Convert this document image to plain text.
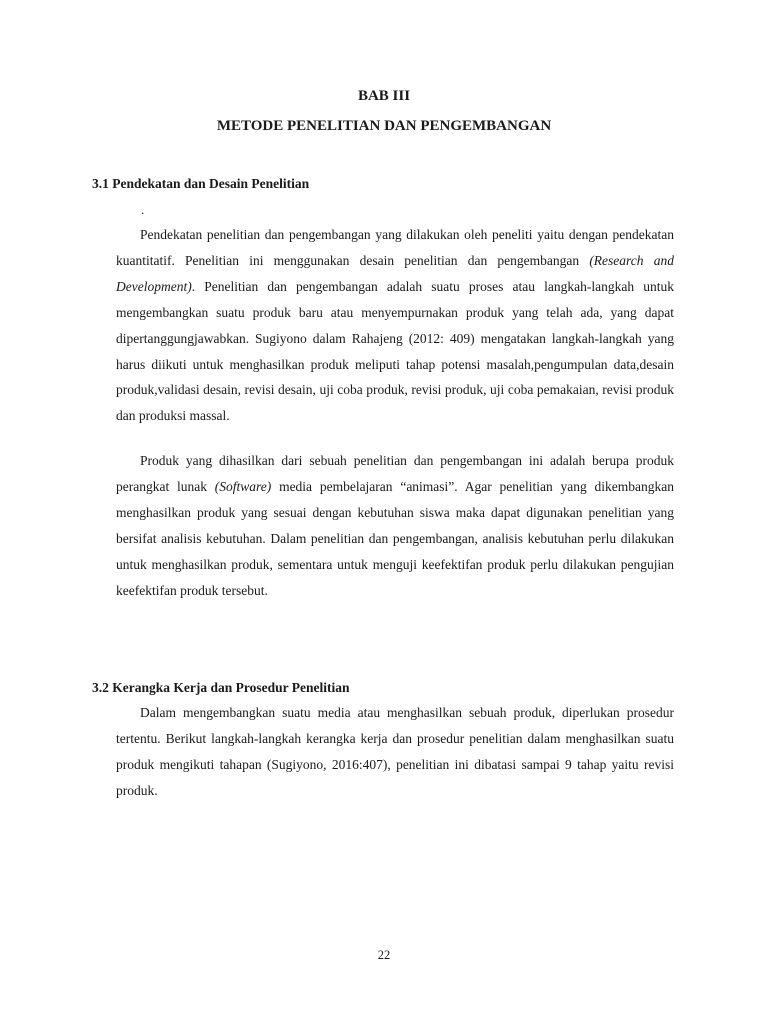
BAB III
METODE PENELITIAN DAN PENGEMBANGAN
3.1 Pendekatan dan Desain Penelitian
.

Pendekatan penelitian dan pengembangan yang dilakukan oleh peneliti yaitu dengan pendekatan kuantitatif. Penelitian ini menggunakan desain penelitian dan pengembangan (Research and Development). Penelitian dan pengembangan adalah suatu proses atau langkah-langkah untuk mengembangkan suatu produk baru atau menyempurnakan produk yang telah ada, yang dapat dipertanggungjawabkan. Sugiyono dalam Rahajeng (2012: 409) mengatakan langkah-langkah yang harus diikuti untuk menghasilkan produk meliputi tahap potensi masalah,pengumpulan data,desain produk,validasi desain, revisi desain, uji coba produk, revisi produk, uji coba pemakaian, revisi produk dan produksi massal.

Produk yang dihasilkan dari sebuah penelitian dan pengembangan ini adalah berupa produk perangkat lunak (Software) media pembelajaran “animasi”. Agar penelitian yang dikembangkan menghasilkan produk yang sesuai dengan kebutuhan siswa maka dapat digunakan penelitian yang bersifat analisis kebutuhan. Dalam penelitian dan pengembangan, analisis kebutuhan perlu dilakukan untuk menghasilkan produk, sementara untuk menguji keefektifan produk perlu dilakukan pengujian keefektifan produk tersebut.

3.2 Kerangka Kerja dan Prosedur Penelitian

Dalam mengembangkan suatu media atau menghasilkan sebuah produk, diperlukan prosedur tertentu. Berikut langkah-langkah kerangka kerja dan prosedur penelitian dalam menghasilkan suatu produk mengikuti tahapan (Sugiyono, 2016:407), penelitian ini dibatasi sampai 9 tahap yaitu revisi produk.

22
